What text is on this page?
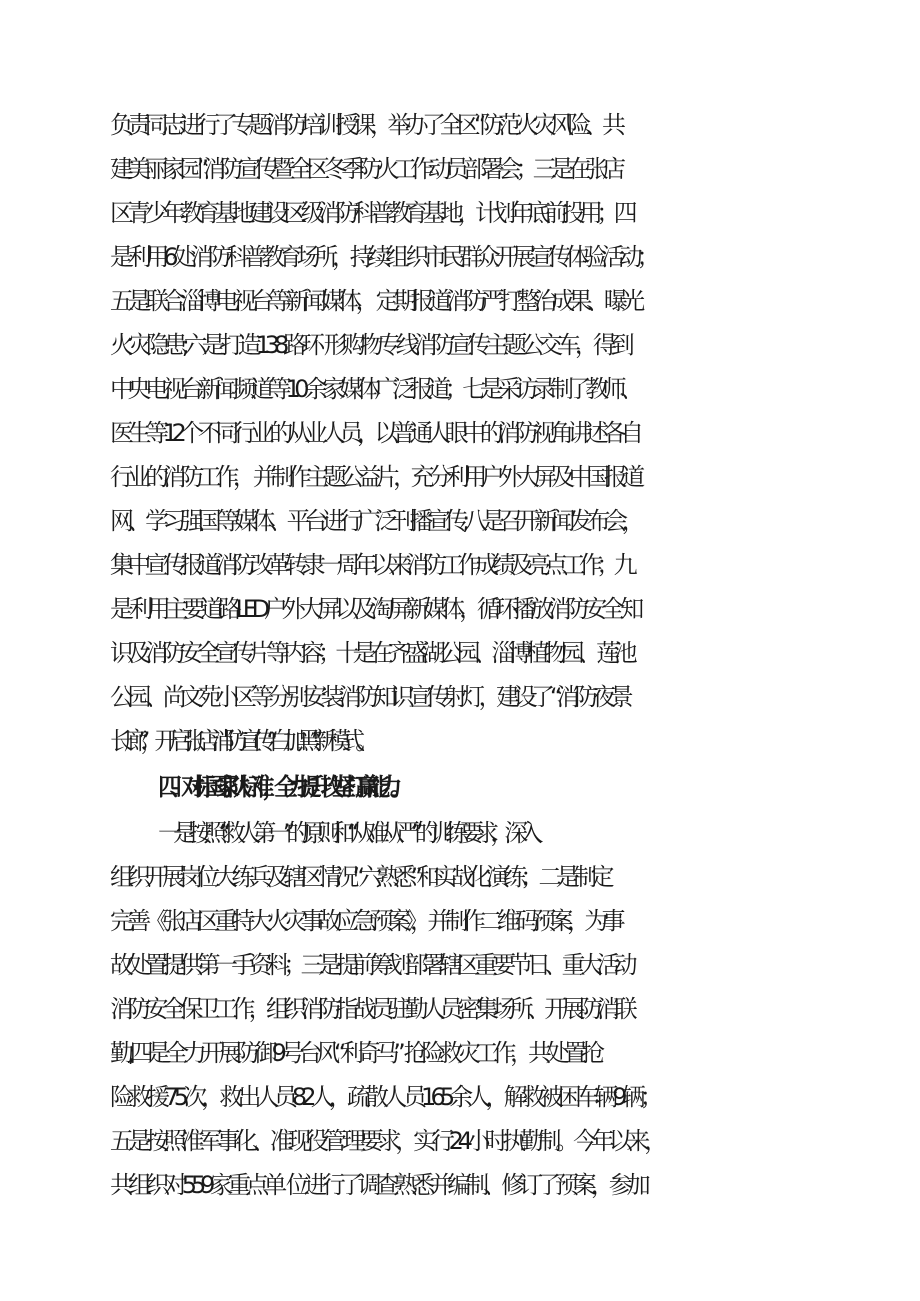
负责同志进行了专题消防培训授课，举办了全区“防 范火灾风险、共

建美丽家园”消防宣传暨全区冬季防火工作动员 部署会；三是在张店

区青少年教育基地建设区级消防科普教育基 地，计划年底前投用；四

是利用6处消防科普教育场所，持续组  织市民群众开展宣传体验活动；

五是联合淄博电视台等新闻媒体，  定期报道消防严打整治成果、曝光

火灾隐患;六是打造138路环   形购物专线消防宣传主题公交车，得到

中央电视台新闻频道等10 余家媒体广泛报道；七是采访录制了教师、

医生等12个不同行业 的从业人员，以普通人眼中的消防视角讲述各自

行业的消防工作，  并制作主题公益片，充分利用户外大屏及中国报道

网、学习强国 等媒体、平台进行广泛刊播宣传;八是召开新闻发布会，

集中宣 传报道消防改革转隶一周年以来消防工作成绩及亮点工作；九

是 利用主要道路LED户外大屏以及淘屏新媒体，循环播放消防安全 知

识及消防安全宣传片等内容；十是在齐盛湖公园、淄博植物园、 莲池

公园、尚文苑小区等分别安装消防知识宣传射灯，建设了 “消 防夜景

长廊”，开启张店消防宣传“白加黑”新模式。

四、对标国家队标准，全力提升攻坚打赢能力。

一是按照“救人第一”的原则和“从难从严”的训练要求， 深入

组织开展岗位大练兵及辖区情况“六熟悉”和实战化演练； 二是制定

完善《张店区重特大火灾事故应急预案》，并制作二维 码预案，为事

故处置提供第一手资料；三是提前筹划部署辖区重 要节日、重大活动

消防安全保卫工作，组织消防指战员驻勤人员 密集场所、开展防消联

勤;四是全力开展防御9号台风“利奇马”   抢险救灾工作，共处置抢

险救援75次，救出人员82人，疏散人 员165余人，解救被困车辆9辆；

五是按照准军事化、准现役管 理要求，实行24小时执勤制。今年以来，

共组织对559家重点单   位进行了调查熟悉并编制、修订了预案，参加
